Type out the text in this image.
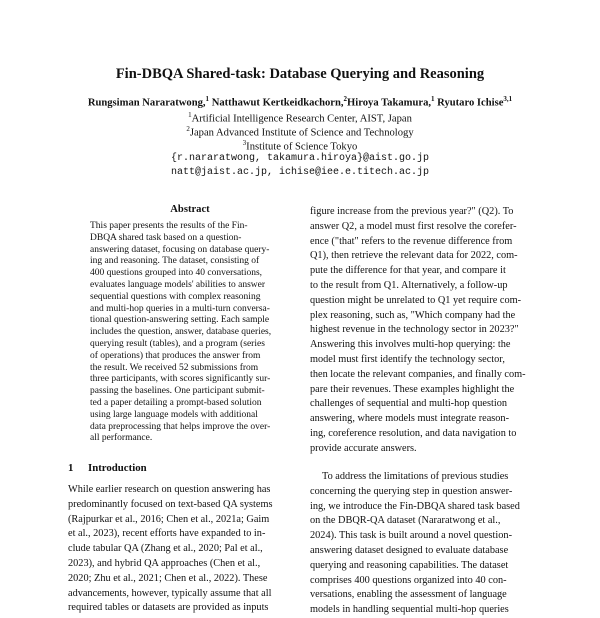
Fin-DBQA Shared-task: Database Querying and Reasoning
Rungsiman Nararatwong,$^1$ Natthawut Kertkeidkachorn,$^2$Hiroya Takamura,$^1$ Ryutaro Ichise$^{3,1}$
$^1$Artificial Intelligence Research Center, AIST, Japan
$^2$Japan Advanced Institute of Science and Technology
$^3$Institute of Science Tokyo
{r.nararatwong, takamura.hiroya}@aist.go.jp
natt@jaist.ac.jp, ichise@iee.e.titech.ac.jp
Abstract
This paper presents the results of the Fin-
DBQA shared task based on a question-
answering dataset, focusing on database query-
ing and reasoning. The dataset, consisting of
400 questions grouped into 40 conversations,
evaluates language models' abilities to answer
sequential questions with complex reasoning
and multi-hop queries in a multi-turn conversa-
tional question-answering setting. Each sample
includes the question, answer, database queries,
querying result (tables), and a program (series
of operations) that produces the answer from
the result. We received 52 submissions from
three participants, with scores significantly sur-
passing the baselines. One participant submit-
ted a paper detailing a prompt-based solution
using large language models with additional
data preprocessing that helps improve the over-
all performance.
1 Introduction
While earlier research on question answering has
predominantly focused on text-based QA systems
(Rajpurkar et al., 2016; Chen et al., 2021a; Gaim
et al., 2023), recent efforts have expanded to in-
clude tabular QA (Zhang et al., 2020; Pal et al.,
2023), and hybrid QA approaches (Chen et al.,
2020; Zhu et al., 2021; Chen et al., 2022). These
advancements, however, typically assume that all
required tables or datasets are provided as inputs
figure increase from the previous year?" (Q2). To
answer Q2, a model must first resolve the corefer-
ence ("that" refers to the revenue difference from
Q1), then retrieve the relevant data for 2022, com-
pute the difference for that year, and compare it
to the result from Q1. Alternatively, a follow-up
question might be unrelated to Q1 yet require com-
plex reasoning, such as, "Which company had the
highest revenue in the technology sector in 2023?"
Answering this involves multi-hop querying: the
model must first identify the technology sector,
then locate the relevant companies, and finally com-
pare their revenues. These examples highlight the
challenges of sequential and multi-hop question
answering, where models must integrate reason-
ing, coreference resolution, and data navigation to
provide accurate answers.
To address the limitations of previous studies
concerning the querying step in question answer-
ing, we introduce the Fin-DBQA shared task based
on the DBQR-QA dataset (Nararatwong et al.,
2024). This task is built around a novel question-
answering dataset designed to evaluate database
querying and reasoning capabilities. The dataset
comprises 400 questions organized into 40 con-
versations, enabling the assessment of language
models in handling sequential multi-hop queries
